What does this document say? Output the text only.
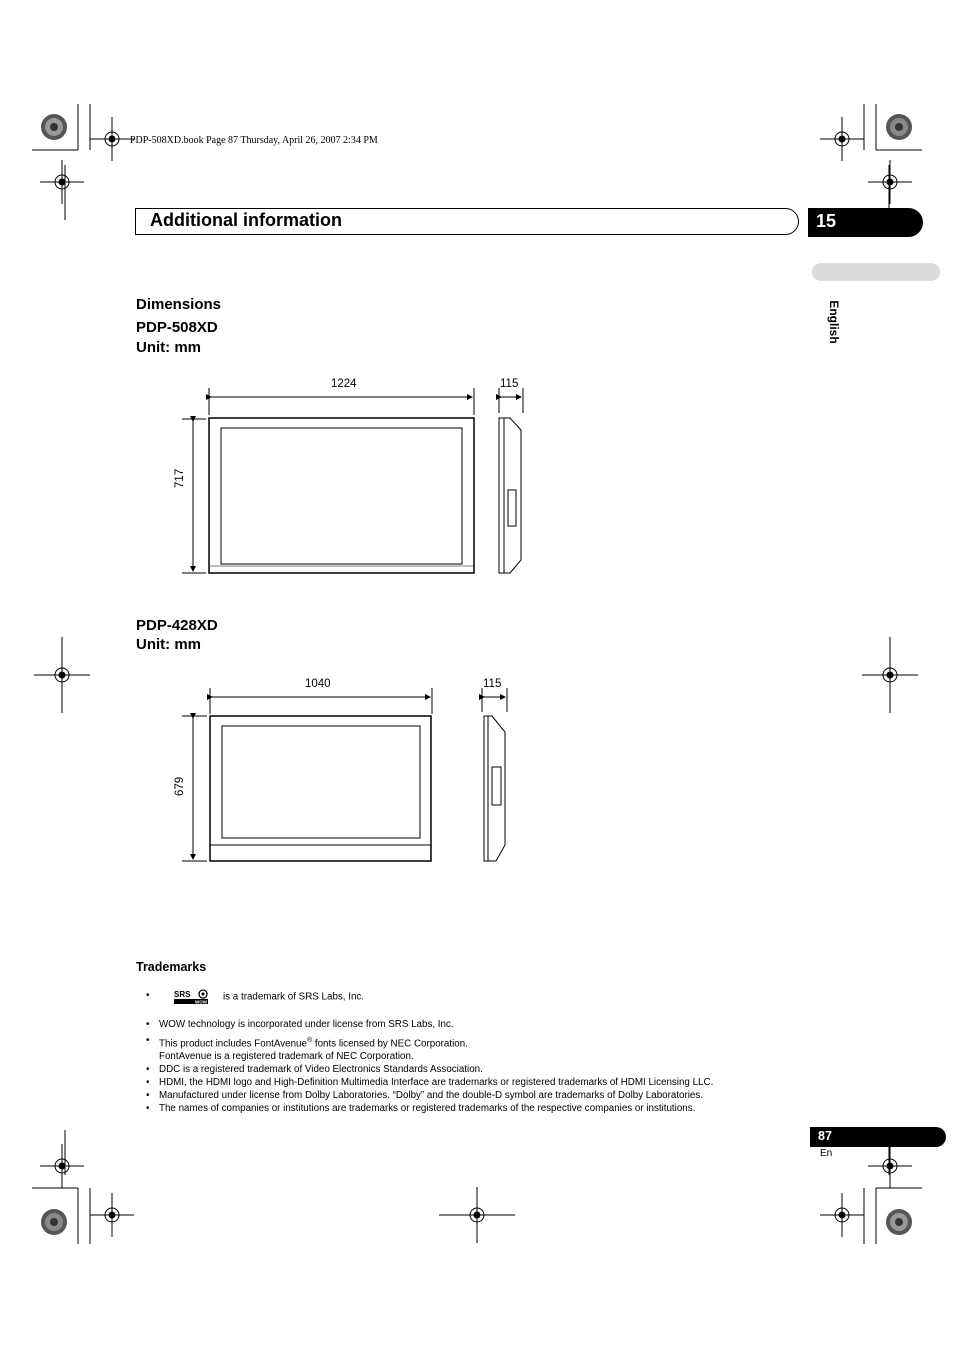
PDP-508XD.book Page 87 Thursday, April 26, 2007 2:34 PM
Additional information	15
English
Dimensions
PDP-508XD
Unit: mm
PDP-428XD
Unit: mm
1224	115
717
1040	115
679
Trademarks
• SRS
WOW is a trademark of SRS Labs, Inc.
• WOW technology is incorporated under license from SRS Labs, Inc.
• This product includes FontAvenue® fonts licensed by NEC Corporation.
FontAvenue is a registered trademark of NEC Corporation.
• DDC is a registered trademark of Video Electronics Standards Association.
• HDMI, the HDMI logo and High-Definition Multimedia Interface are trademarks or registered trademarks of HDMI Licensing LLC.
• Manufactured under license from Dolby Laboratories. “Dolby” and the double-D symbol are trademarks of Dolby Laboratories.
• The names of companies or institutions are trademarks or registered trademarks of the respective companies or institutions.
87
En
